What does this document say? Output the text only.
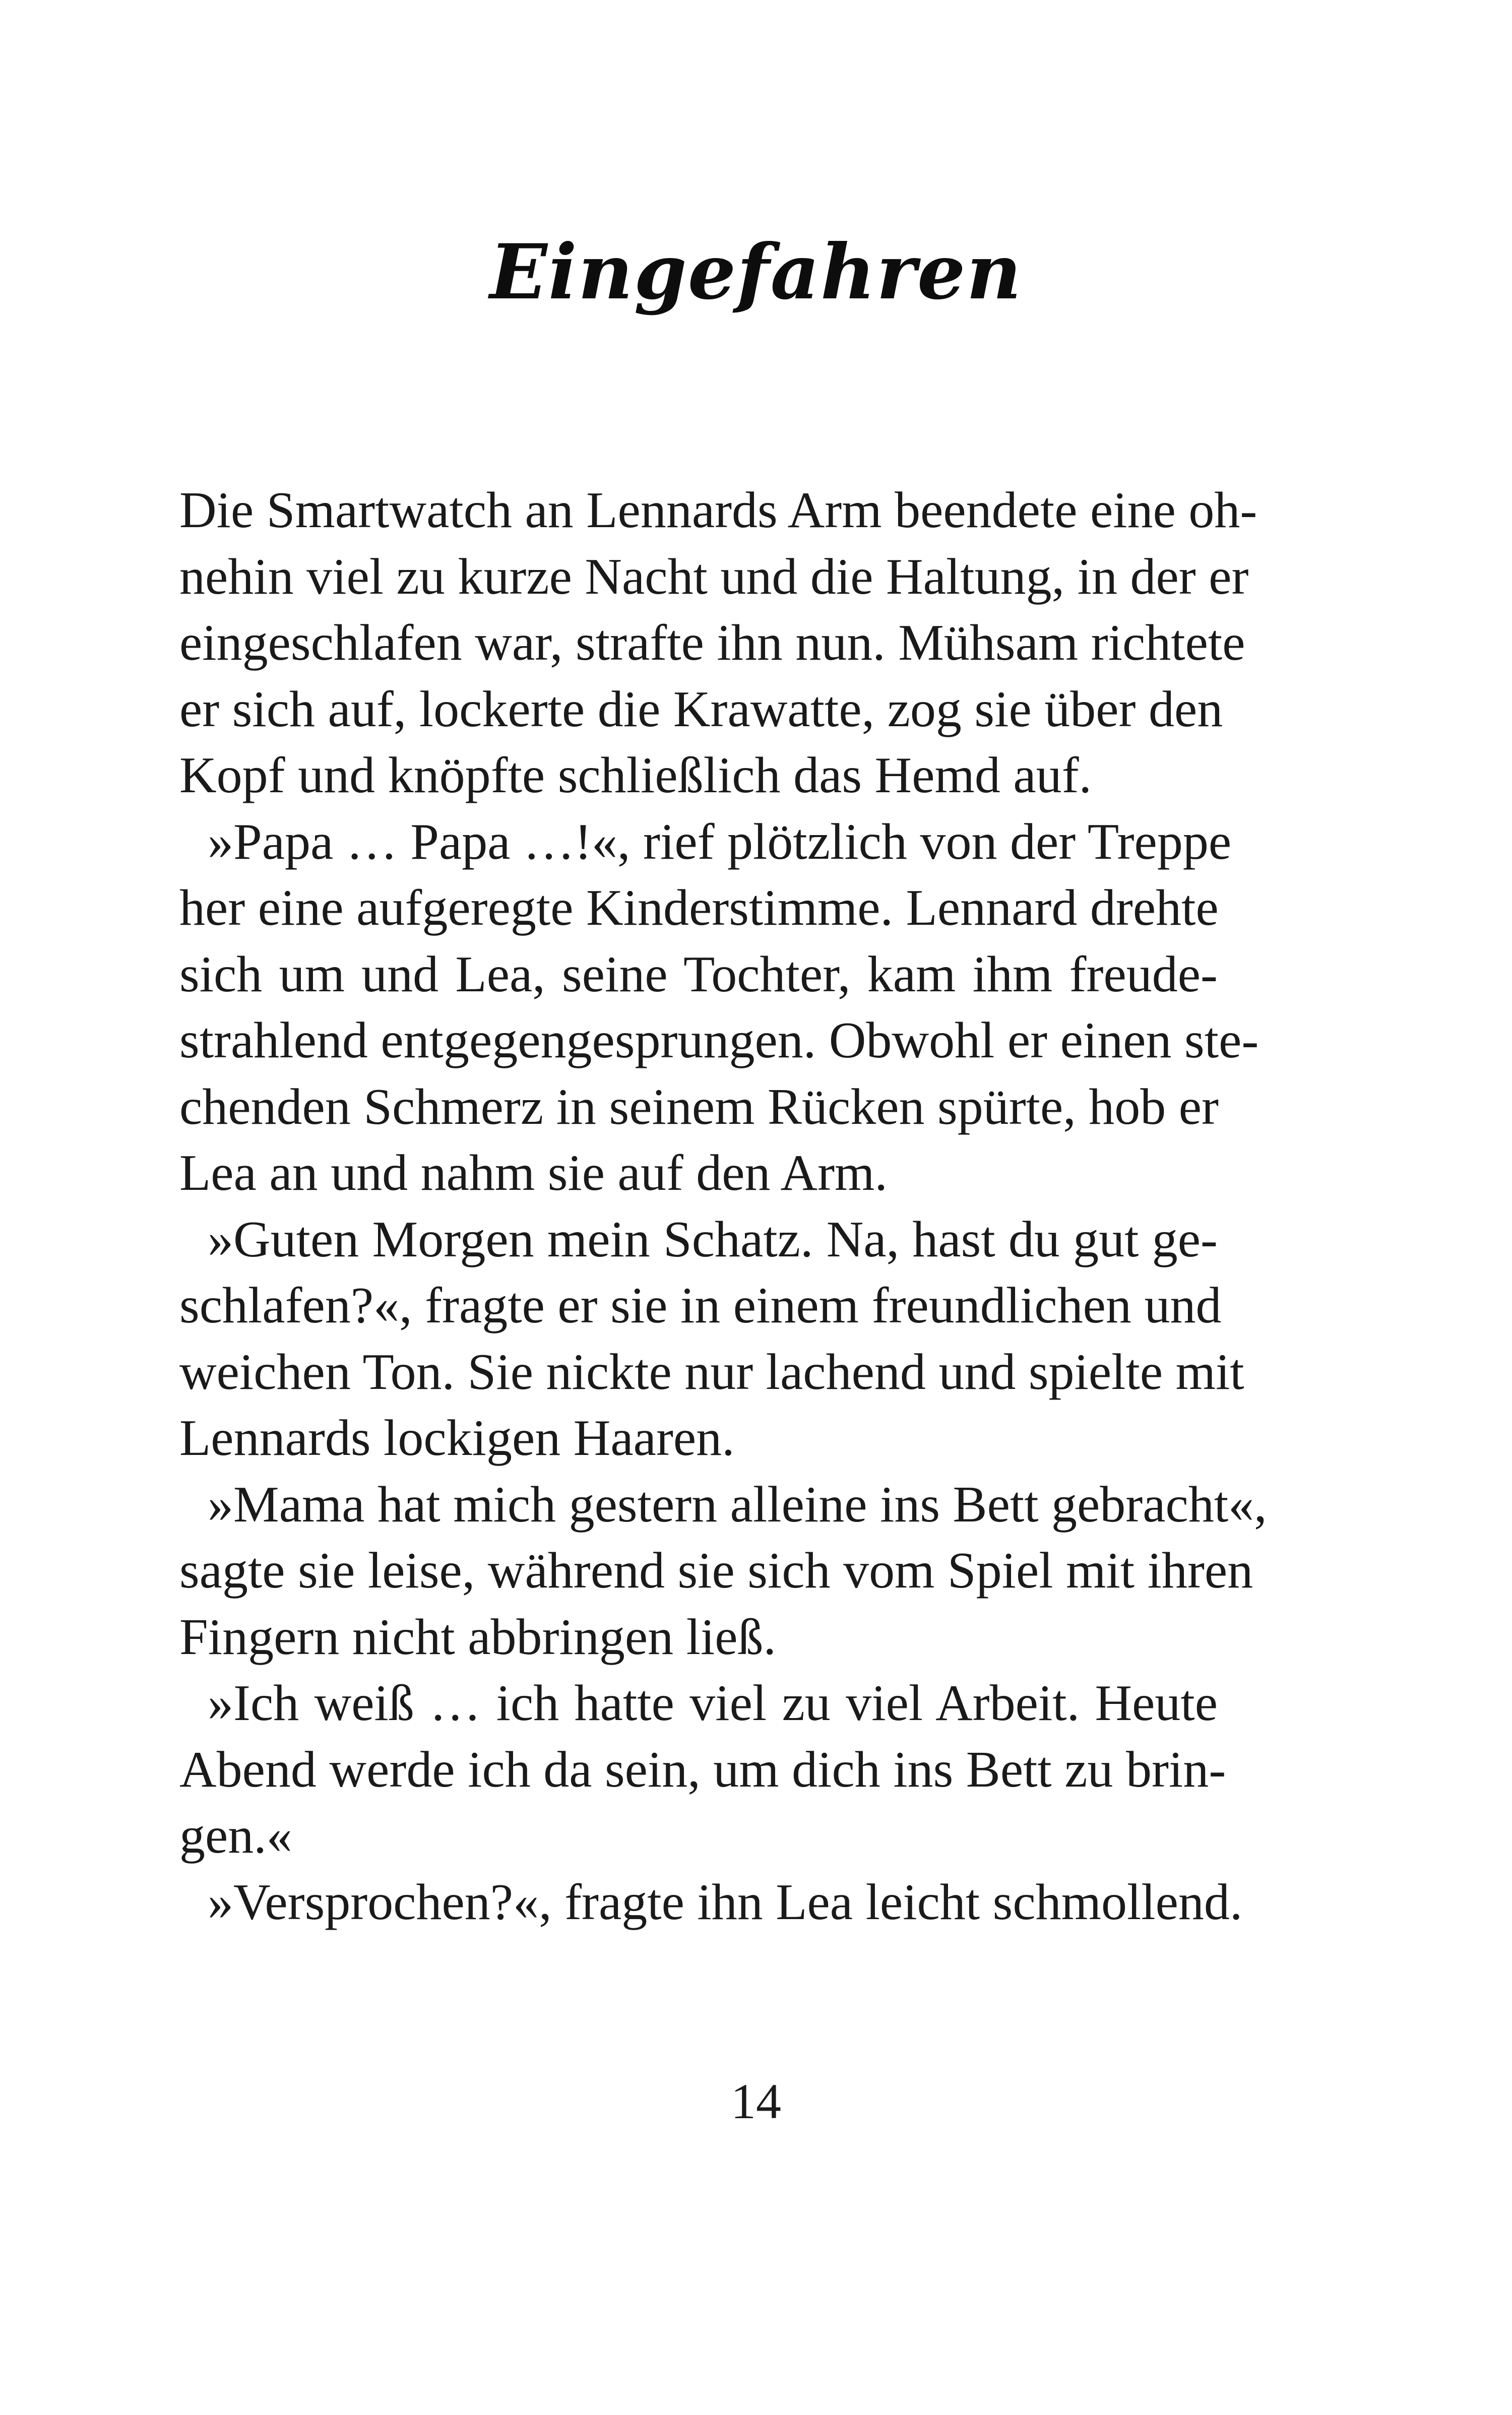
Eingefahren
Die Smartwatch an Lennards Arm beendete eine oh-
nehin viel zu kurze Nacht und die Haltung, in der er
eingeschlafen war, strafte ihn nun. Mühsam richtete
er sich auf, lockerte die Krawatte, zog sie über den
Kopf und knöpfte schließlich das Hemd auf.
»Papa … Papa …!«, rief plötzlich von der Treppe
her eine aufgeregte Kinderstimme. Lennard drehte
sich um und Lea, seine Tochter, kam ihm freude-
strahlend entgegengesprungen. Obwohl er einen ste-
chenden Schmerz in seinem Rücken spürte, hob er
Lea an und nahm sie auf den Arm.
»Guten Morgen mein Schatz. Na, hast du gut ge-
schlafen?«, fragte er sie in einem freundlichen und
weichen Ton. Sie nickte nur lachend und spielte mit
Lennards lockigen Haaren.
»Mama hat mich gestern alleine ins Bett gebracht«,
sagte sie leise, während sie sich vom Spiel mit ihren
Fingern nicht abbringen ließ.
»Ich weiß … ich hatte viel zu viel Arbeit. Heute
Abend werde ich da sein, um dich ins Bett zu brin-
gen.«
»Versprochen?«, fragte ihn Lea leicht schmollend.
14
